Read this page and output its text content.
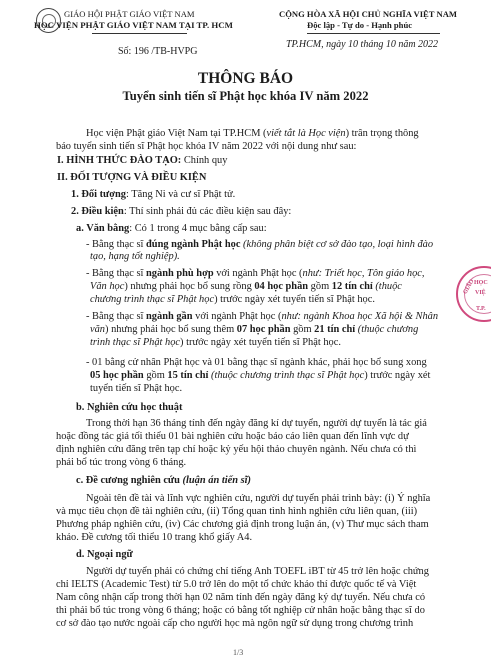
GIÁO HỘI PHẬT GIÁO VIỆT NAM
HỌC VIỆN PHẬT GIÁO VIỆT NAM TẠI TP. HCM
Số: 196 /TB-HVPG
CỘNG HÒA XÃ HỘI CHỦ NGHĨA VIỆT NAM
Độc lập - Tự do - Hạnh phúc
TP.HCM, ngày 10 tháng 10 năm 2022
THÔNG BÁO
Tuyển sinh tiến sĩ Phật học khóa IV năm 2022
Học viện Phật giáo Việt Nam tại TP.HCM (viết tắt là Học viện) trân trọng thông
báo tuyển sinh tiến sĩ Phật học khóa IV năm 2022 với nội dung như sau:
I. HÌNH THỨC ĐÀO TẠO: Chính quy
II. ĐỐI TƯỢNG VÀ ĐIỀU KIỆN
1. Đối tượng: Tăng Ni và cư sĩ Phật tử.
2. Điều kiện: Thí sinh phải đủ các điều kiện sau đây:
a. Văn bằng: Có 1 trong 4 mục bằng cấp sau:
- Bằng thạc sĩ đúng ngành Phật học (không phân biệt cơ sở đào tạo, loại hình đào
tạo, hạng tốt nghiệp).
- Bằng thạc sĩ ngành phù hợp với ngành Phật học (như: Triết học, Tôn giáo học,
Văn học) nhưng phải học bổ sung rồng 04 học phần gồm 12 tín chỉ (thuộc
chương trình thạc sĩ Phật học) trước ngày xét tuyển tiến sĩ Phật học.
- Bằng thạc sĩ ngành gần với ngành Phật học (như: ngành Khoa học Xã hội & Nhân
văn) nhưng phải học bổ sung thêm 07 học phần gồm 21 tín chỉ (thuộc chương
trình thạc sĩ Phật học) trước ngày xét tuyển tiến sĩ Phật học.
- 01 bằng cử nhân Phật học và 01 bằng thạc sĩ ngành khác, phải học bổ sung xong
05 học phần gồm 15 tín chỉ (thuộc chương trình thạc sĩ Phật học) trước ngày xét
tuyển tiến sĩ Phật học.
b. Nghiên cứu học thuật
Trong thời hạn 36 tháng tính đến ngày đăng kí dự tuyển, người dự tuyển là tác giả
hoặc đồng tác giả tối thiểu 01 bài nghiên cứu hoặc báo cáo liên quan đến lĩnh vực dự
định nghiên cứu đăng trên tạp chí hoặc kỷ yếu hội thảo chuyên ngành. Nếu chưa có thì
phải bổ túc trong vòng 6 tháng.
c. Đề cương nghiên cứu (luận án tiến sĩ)
Ngoài tên đề tài và lĩnh vực nghiên cứu, người dự tuyển phải trình bày: (i) Ý nghĩa
và mục tiêu chọn đề tài nghiên cứu, (ii) Tổng quan tình hình nghiên cứu liên quan, (iii)
Phương pháp nghiên cứu, (iv) Các chương giả định trong luận án, (v) Thư mục sách tham
khảo. Đề cương tối thiểu 10 trang khổ giấy A4.
d. Ngoại ngữ
Người dự tuyển phải có chứng chỉ tiếng Anh TOEFL iBT từ 45 trở lên hoặc chứng
chỉ IELTS (Academic Test) từ 5.0 trở lên do một tổ chức khảo thí được quốc tế và Việt
Nam công nhận cấp trong thời hạn 02 năm tính đến ngày đăng ký dự tuyển. Nếu chưa có
thì phải bổ túc trong vòng 6 tháng; hoặc có bằng tốt nghiệp cử nhân hoặc bằng thạc sĩ do
cơ sở đào tạo nước ngoài cấp cho người học mà ngôn ngữ sử dụng trong chương trình
GIÁO
HỌC
VIỆ
T.P.
1/3
